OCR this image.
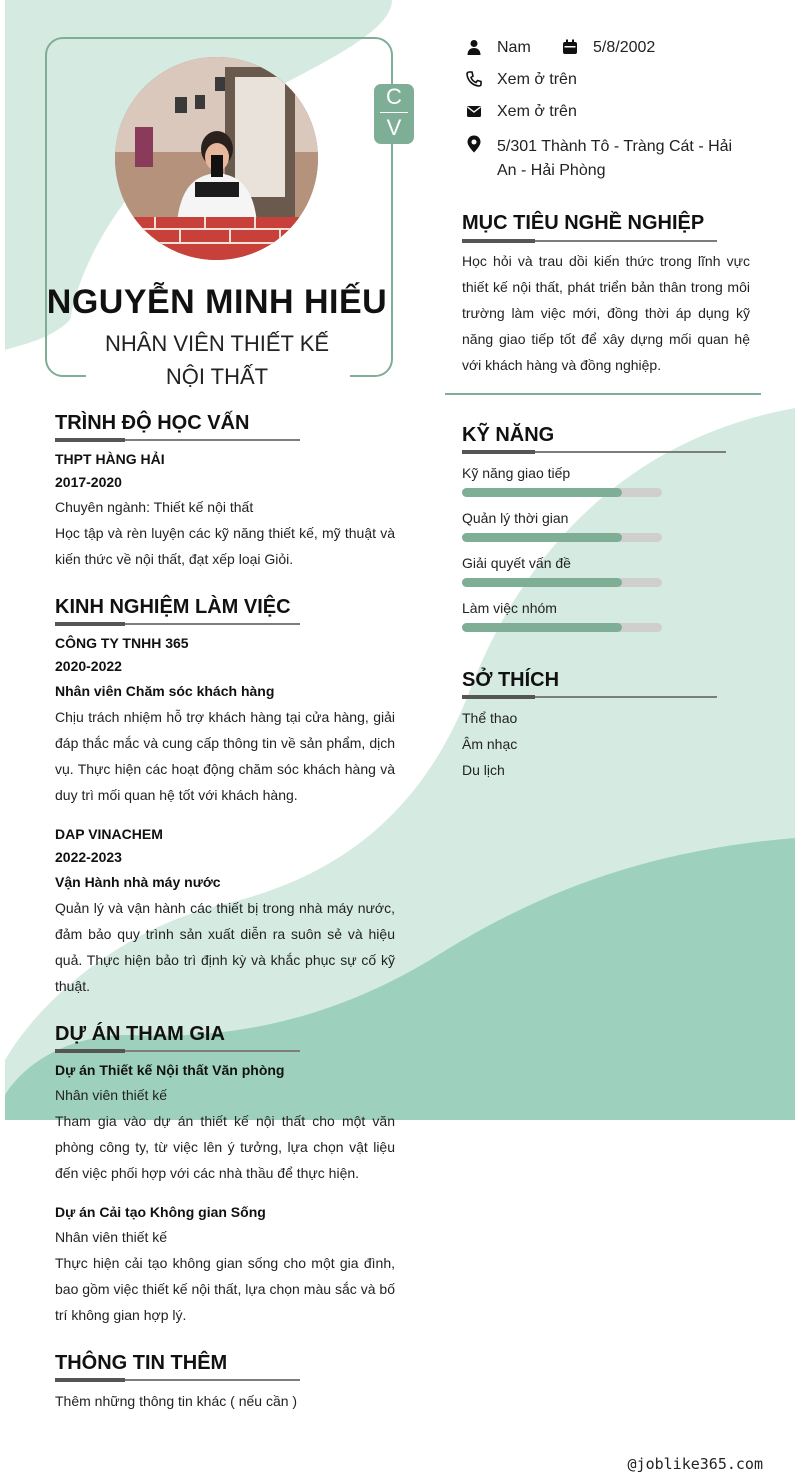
C
V
NGUYỄN MINH HIẾU
NHÂN VIÊN THIẾT KẾ
NỘI THẤT
Nam	5/8/2002
Xem ở trên
Xem ở trên
5/301 Thành Tô - Tràng Cát - Hải
An - Hải Phòng
MỤC TIÊU NGHỀ NGHIỆP
Học hỏi và trau dồi kiến thức trong lĩnh vực thiết kế nội thất, phát triển bản thân trong môi trường làm việc mới, đồng thời áp dụng kỹ năng giao tiếp tốt để xây dựng mối quan hệ với khách hàng và đồng nghiệp.
KỸ NĂNG
Kỹ năng giao tiếp
Quản lý thời gian
Giải quyết vấn đề
Làm việc nhóm
SỞ THÍCH
Thể thao
Âm nhạc
Du lịch
TRÌNH ĐỘ HỌC VẤN
THPT HÀNG HẢI
2017-2020
Chuyên ngành: Thiết kế nội thất
Học tập và rèn luyện các kỹ năng thiết kế, mỹ thuật và kiến thức về nội thất, đạt xếp loại Giỏi.
KINH NGHIỆM LÀM VIỆC
CÔNG TY TNHH 365
2020-2022
Nhân viên Chăm sóc khách hàng
Chịu trách nhiệm hỗ trợ khách hàng tại cửa hàng, giải đáp thắc mắc và cung cấp thông tin về sản phẩm, dịch vụ. Thực hiện các hoạt động chăm sóc khách hàng và duy trì mối quan hệ tốt với khách hàng.
DAP VINACHEM
2022-2023
Vận Hành nhà máy nước
Quản lý và vận hành các thiết bị trong nhà máy nước, đảm bảo quy trình sản xuất diễn ra suôn sẻ và hiệu quả. Thực hiện bảo trì định kỳ và khắc phục sự cố kỹ thuật.
DỰ ÁN THAM GIA
Dự án Thiết kế Nội thất Văn phòng
Nhân viên thiết kế
Tham gia vào dự án thiết kế nội thất cho một văn phòng công ty, từ việc lên ý tưởng, lựa chọn vật liệu đến việc phối hợp với các nhà thầu để thực hiện.
Dự án Cải tạo Không gian Sống
Nhân viên thiết kế
Thực hiện cải tạo không gian sống cho một gia đình, bao gồm việc thiết kế nội thất, lựa chọn màu sắc và bố trí không gian hợp lý.
THÔNG TIN THÊM
Thêm những thông tin khác ( nếu cần )
@joblike365.com
